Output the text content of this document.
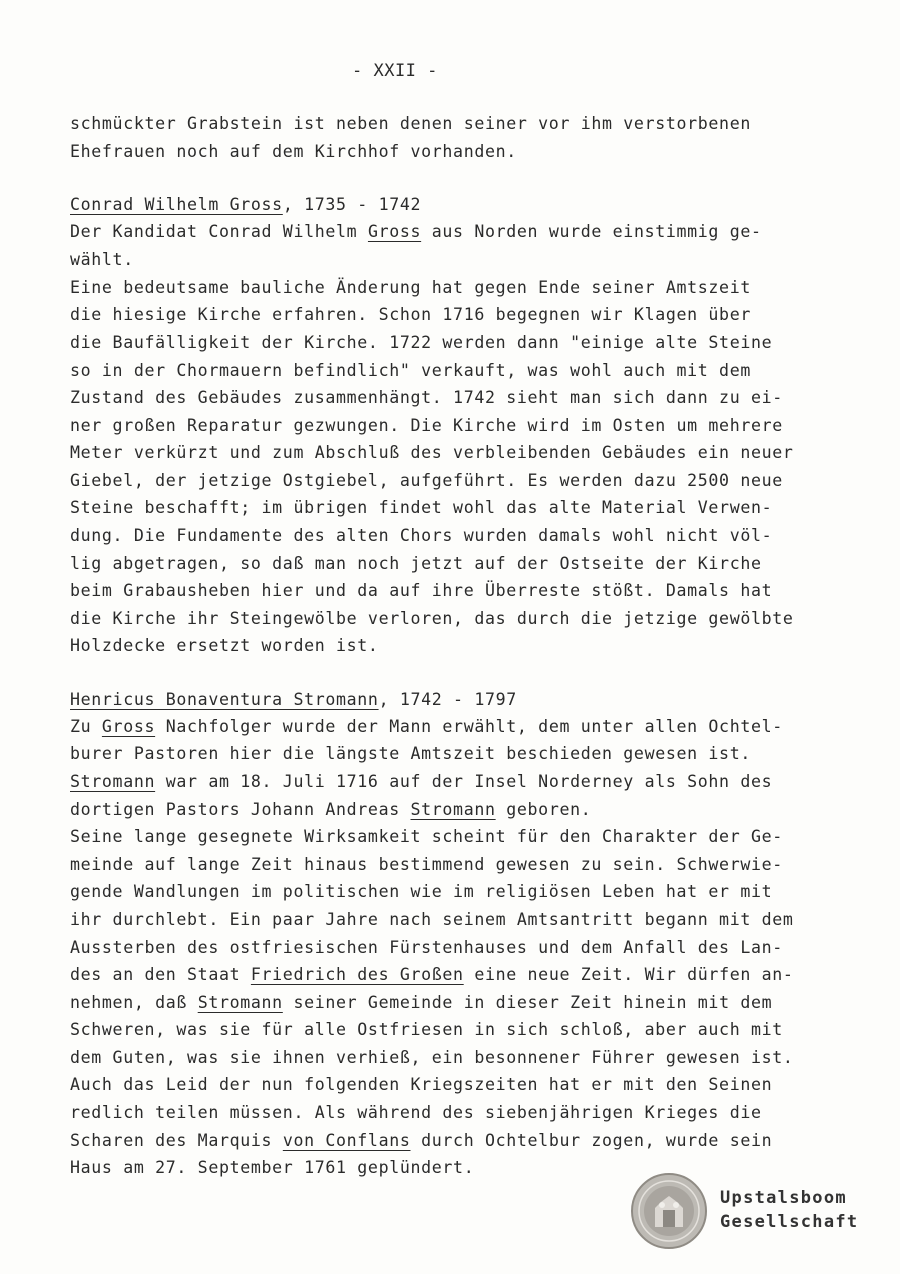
- XXII -
schmückter Grabstein ist neben denen seiner vor ihm verstorbenen
Ehefrauen noch auf dem Kirchhof vorhanden.
Conrad Wilhelm Gross, 1735 - 1742
Der Kandidat Conrad Wilhelm Gross aus Norden wurde einstimmig ge-
wählt.
Eine bedeutsame bauliche Änderung hat gegen Ende seiner Amtszeit
die hiesige Kirche erfahren. Schon 1716 begegnen wir Klagen über
die Baufälligkeit der Kirche. 1722 werden dann "einige alte Steine
so in der Chormauern befindlich" verkauft, was wohl auch mit dem
Zustand des Gebäudes zusammenhängt. 1742 sieht man sich dann zu ei-
ner großen Reparatur gezwungen. Die Kirche wird im Osten um mehrere
Meter verkürzt und zum Abschluß des verbleibenden Gebäudes ein neuer
Giebel, der jetzige Ostgiebel, aufgeführt. Es werden dazu 2500 neue
Steine beschafft; im übrigen findet wohl das alte Material Verwen-
dung. Die Fundamente des alten Chors wurden damals wohl nicht völ-
lig abgetragen, so daß man noch jetzt auf der Ostseite der Kirche
beim Grabausheben hier und da auf ihre Überreste stößt. Damals hat
die Kirche ihr Steingewölbe verloren, das durch die jetzige gewölbte
Holzdecke ersetzt worden ist.
Henricus Bonaventura Stromann, 1742 - 1797
Zu Gross Nachfolger wurde der Mann erwählt, dem unter allen Ochtel-
burer Pastoren hier die längste Amtszeit beschieden gewesen ist.
Stromann war am 18. Juli 1716 auf der Insel Norderney als Sohn des
dortigen Pastors Johann Andreas Stromann geboren.
Seine lange gesegnete Wirksamkeit scheint für den Charakter der Ge-
meinde auf lange Zeit hinaus bestimmend gewesen zu sein. Schwerwie-
gende Wandlungen im politischen wie im religiösen Leben hat er mit
ihr durchlebt. Ein paar Jahre nach seinem Amtsantritt begann mit dem
Aussterben des ostfriesischen Fürstenhauses und dem Anfall des Lan-
des an den Staat Friedrich des Großen eine neue Zeit. Wir dürfen an-
nehmen, daß Stromann seiner Gemeinde in dieser Zeit hinein mit dem
Schweren, was sie für alle Ostfriesen in sich schloß, aber auch mit
dem Guten, was sie ihnen verhieß, ein besonnener Führer gewesen ist.
Auch das Leid der nun folgenden Kriegszeiten hat er mit den Seinen
redlich teilen müssen. Als während des siebenjährigen Krieges die
Scharen des Marquis von Conflans durch Ochtelbur zogen, wurde sein
Haus am 27. September 1761 geplündert.
Upstalsboom
Gesellschaft
